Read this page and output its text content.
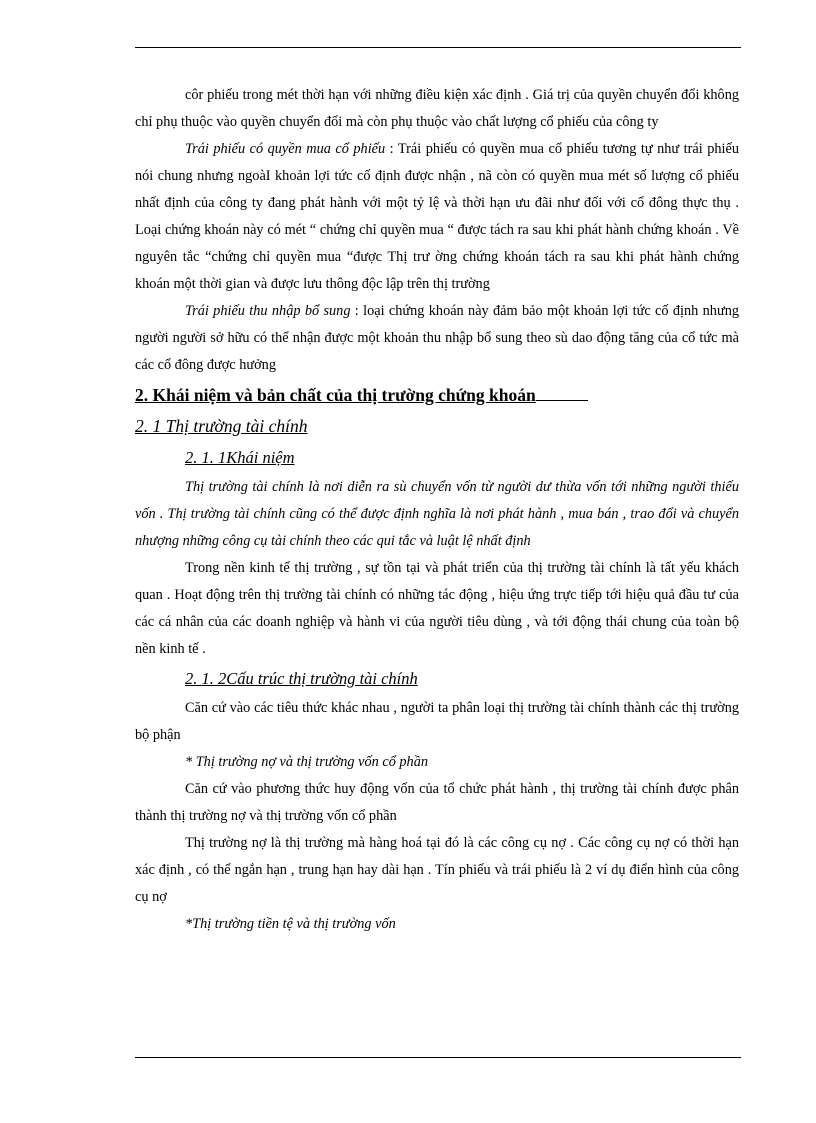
côr phiếu trong mét thời hạn với những điều kiện xác định . Giá trị của quyền chuyển đổi không chỉ phụ thuộc vào quyền chuyển đổi mà còn phụ thuộc vào chất lượng cổ phiếu của công ty

Trái phiếu có quyền mua cổ phiếu : Trái phiếu có quyền mua cổ phiếu tương tự như trái phiếu nói chung nhưng ngoàI khoản lợi tức cố định được nhận , nã còn có quyền mua mét số lượng cổ phiếu nhất định của công ty đang phát hành với một tỷ lệ và thời hạn ưu đãi như đối với cổ đông thực thụ . Loại chứng khoán này có mét “ chứng chỉ quyền mua “ được tách ra sau khi phát hành chứng khoán . Về nguyên tắc “chứng chỉ quyền mua “được Thị trư ờng chứng khoán tách ra sau khi phát hành chứng khoán một thời gian và được lưu thông độc lập trên thị trường

Trái phiếu thu nhập bổ sung : loại chứng khoán này đảm bảo một khoản lợi tức cố định nhưng người người sở hữu có thể nhận được một khoản thu nhập bổ sung theo sù dao động tăng của cổ tức mà các cổ đông được hưởng

2. Khái niệm và bản chất của thị trường chứng khoán

2. 1 Thị trường tài chính

2. 1. 1Khái niệm

Thị trường tài chính là nơi diễn ra sù chuyển vốn từ người dư thừa vốn tới những người thiếu vốn . Thị trường tài chính cũng có thể được định nghĩa là nơi phát hành , mua bán , trao đổi và chuyển nhượng những công cụ tài chính theo các qui tắc và luật lệ nhất định

Trong nền kinh tế thị trường , sự tồn tại và phát triển của thị trường tài chính là tất yếu khách quan . Hoạt động trên thị trường tài chính có những tác động , hiệu ứng trực tiếp tới hiệu quả đầu tư của các cá nhân của các doanh nghiệp và hành vi của người tiêu dùng , và tới động thái chung của toàn bộ nền kinh tế .

2. 1. 2Cấu trúc thị trường tài chính

Căn cứ vào các tiêu thức khác nhau , người ta phân loại thị trường tài chính thành các thị trường bộ phận

* Thị trường nợ và thị trường vốn cổ phần

Căn cứ vào phương thức huy động vốn của tổ chức phát hành , thị trường tài chính được phân thành thị trường nợ và thị trường vốn cổ phần

Thị trường nợ là thị trường mà hàng hoá tại đó là các công cụ nợ . Các công cụ nợ có thời hạn xác định , có thể ngắn hạn , trung hạn hay dài hạn . Tín phiếu và trái phiếu là 2 ví dụ điển hình của công cụ nợ

*Thị trường tiền tệ và thị trường vốn
